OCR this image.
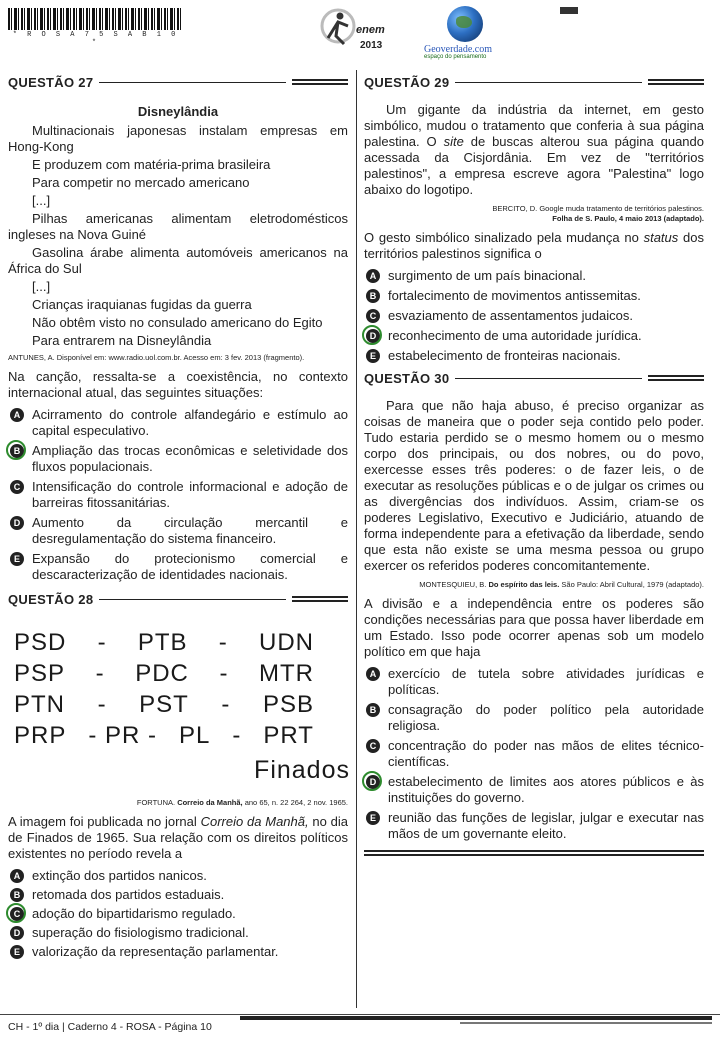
* R O S A 7 5 S A B 1 0 *
enem
2013	Geoverdade.com
espaço do pensamento
QUESTÃO 27
Disneylândia

Multinacionais japonesas instalam empresas em Hong-Kong

E produzem com matéria-prima brasileira

Para competir no mercado americano

[...]

Pilhas americanas alimentam eletrodomésticos ingleses na Nova Guiné

Gasolina árabe alimenta automóveis americanos na África do Sul

[...]

Crianças iraquianas fugidas da guerra

Não obtêm visto no consulado americano do Egito

Para entrarem na Disneylândia

ANTUNES, A. Disponível em: www.radio.uol.com.br. Acesso em: 3 fev. 2013 (fragmento).

Na canção, ressalta-se a coexistência, no contexto internacional atual, das seguintes situações:

A Acirramento do controle alfandegário e estímulo ao capital especulativo.
B Ampliação das trocas econômicas e seletividade dos fluxos populacionais.
C Intensificação do controle informacional e adoção de barreiras fitossanitárias.
D Aumento da circulação mercantil e desregulamentação do sistema financeiro.
E Expansão do protecionismo comercial e descaracterização de identidades nacionais.
QUESTÃO 28
PSD - PTB - UDN
PSP - PDC - MTR
PTN - PST - PSB
PRP - PR - PL - PRT
Finados
FORTUNA. Correio da Manhã, ano 65, n. 22 264, 2 nov. 1965.

A imagem foi publicada no jornal Correio da Manhã, no dia de Finados de 1965. Sua relação com os direitos políticos existentes no período revela a

A extinção dos partidos nanicos.
B retomada dos partidos estaduais.
C adoção do bipartidarismo regulado.
D superação do fisiologismo tradicional.
E valorização da representação parlamentar.
QUESTÃO 29

Um gigante da indústria da internet, em gesto simbólico, mudou o tratamento que conferia à sua página palestina. O site de buscas alterou sua página quando acessada da Cisjordânia. Em vez de "territórios palestinos", a empresa escreve agora "Palestina" logo abaixo do logotipo.

BERCITO, D. Google muda tratamento de territórios palestinos.
Folha de S. Paulo, 4 maio 2013 (adaptado).

O gesto simbólico sinalizado pela mudança no status dos territórios palestinos significa o

A surgimento de um país binacional.
B fortalecimento de movimentos antissemitas.
C esvaziamento de assentamentos judaicos.
D reconhecimento de uma autoridade jurídica.
E estabelecimento de fronteiras nacionais.
QUESTÃO 30

Para que não haja abuso, é preciso organizar as coisas de maneira que o poder seja contido pelo poder. Tudo estaria perdido se o mesmo homem ou o mesmo corpo dos principais, ou dos nobres, ou do povo, exercesse esses três poderes: o de fazer leis, o de executar as resoluções públicas e o de julgar os crimes ou as divergências dos indivíduos. Assim, criam-se os poderes Legislativo, Executivo e Judiciário, atuando de forma independente para a efetivação da liberdade, sendo que esta não existe se uma mesma pessoa ou grupo exercer os referidos poderes concomitantemente.

MONTESQUIEU, B. Do espírito das leis. São Paulo: Abril Cultural, 1979 (adaptado).

A divisão e a independência entre os poderes são condições necessárias para que possa haver liberdade em um Estado. Isso pode ocorrer apenas sob um modelo político em que haja

A exercício de tutela sobre atividades jurídicas e políticas.
B consagração do poder político pela autoridade religiosa.
C concentração do poder nas mãos de elites técnico-científicas.
D estabelecimento de limites aos atores públicos e às instituições do governo.
E reunião das funções de legislar, julgar e executar nas mãos de um governante eleito.
CH - 1º dia | Caderno 4 - ROSA - Página 10
